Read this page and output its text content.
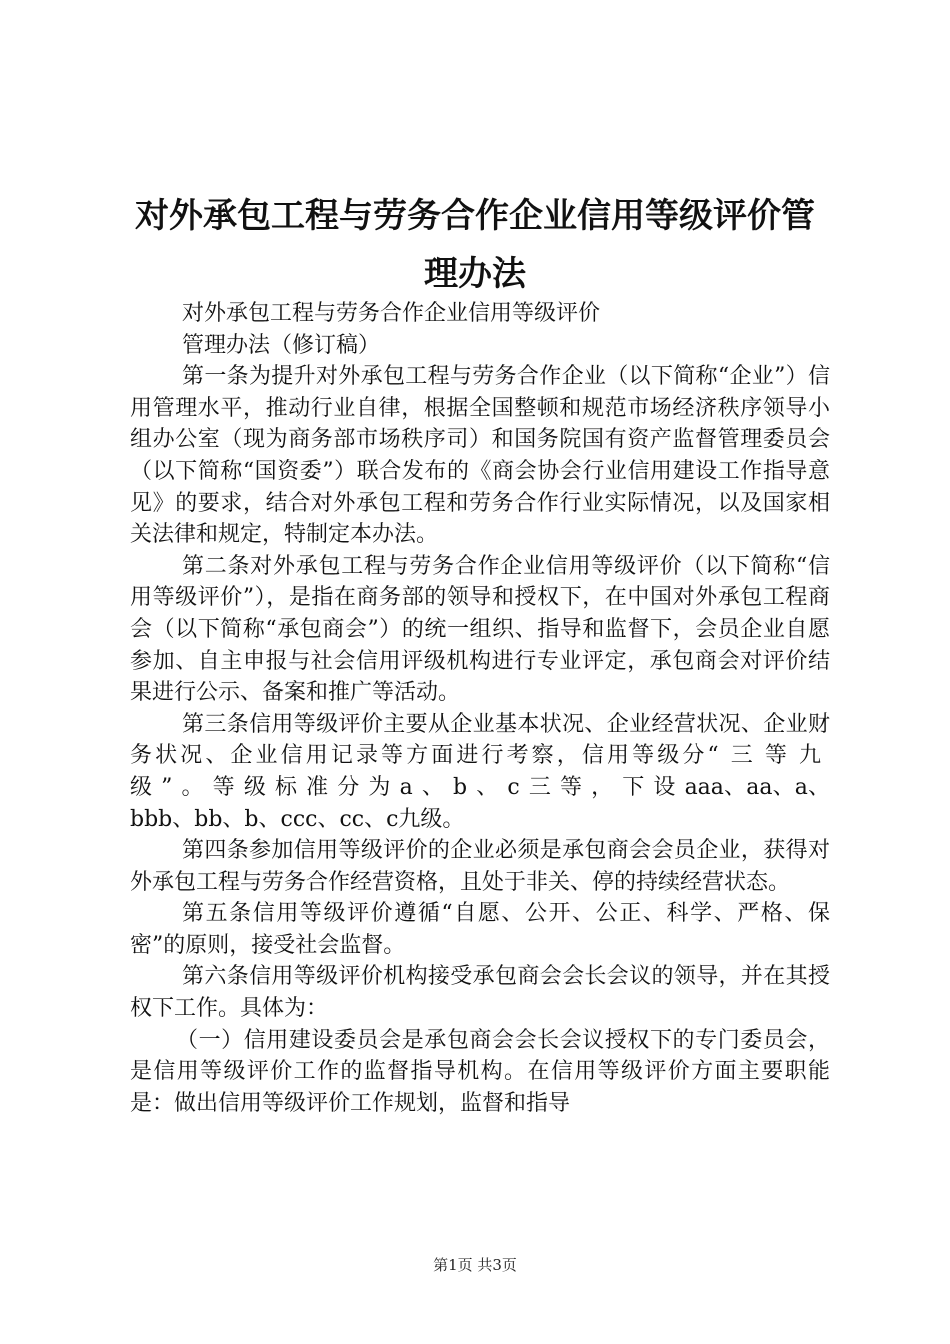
对外承包工程与劳务合作企业信用等级评价管
理办法

对外承包工程与劳务合作企业信用等级评价

管理办法（修订稿）

第一条为提升对外承包工程与劳务合作企业（以下简称“企业”）信用管理水平，推动行业自律，根据全国整顿和规范市场经济秩序领导小组办公室（现为商务部市场秩序司）和国务院国有资产监督管理委员会（以下简称“国资委”）联合发布的《商会协会行业信用建设工作指导意见》的要求，结合对外承包工程和劳务合作行业实际情况，以及国家相关法律和规定，特制定本办法。

第二条对外承包工程与劳务合作企业信用等级评价（以下简称“信用等级评价”），是指在商务部的领导和授权下，在中国对外承包工程商会（以下简称“承包商会”）的统一组织、指导和监督下，会员企业自愿参加、自主申报与社会信用评级机构进行专业评定，承包商会对评价结果进行公示、备案和推广等活动。

第三条信用等级评价主要从企业基本状况、企业经营状况、企业财务状况、企业信用记录等方面进行考察，信用等级分“三等九级”。等级标准分为a、b、c三等，下设aaa、aa、a、bbb、bb、b、ccc、cc、c九级。

第四条参加信用等级评价的企业必须是承包商会会员企业，获得对外承包工程与劳务合作经营资格，且处于非关、停的持续经营状态。

第五条信用等级评价遵循“自愿、公开、公正、科学、严格、保密”的原则，接受社会监督。

第六条信用等级评价机构接受承包商会会长会议的领导，并在其授权下工作。具体为：

（一）信用建设委员会是承包商会会长会议授权下的专门委员会，是信用等级评价工作的监督指导机构。在信用等级评价方面主要职能是：做出信用等级评价工作规划，监督和指导

第1页 共3页
